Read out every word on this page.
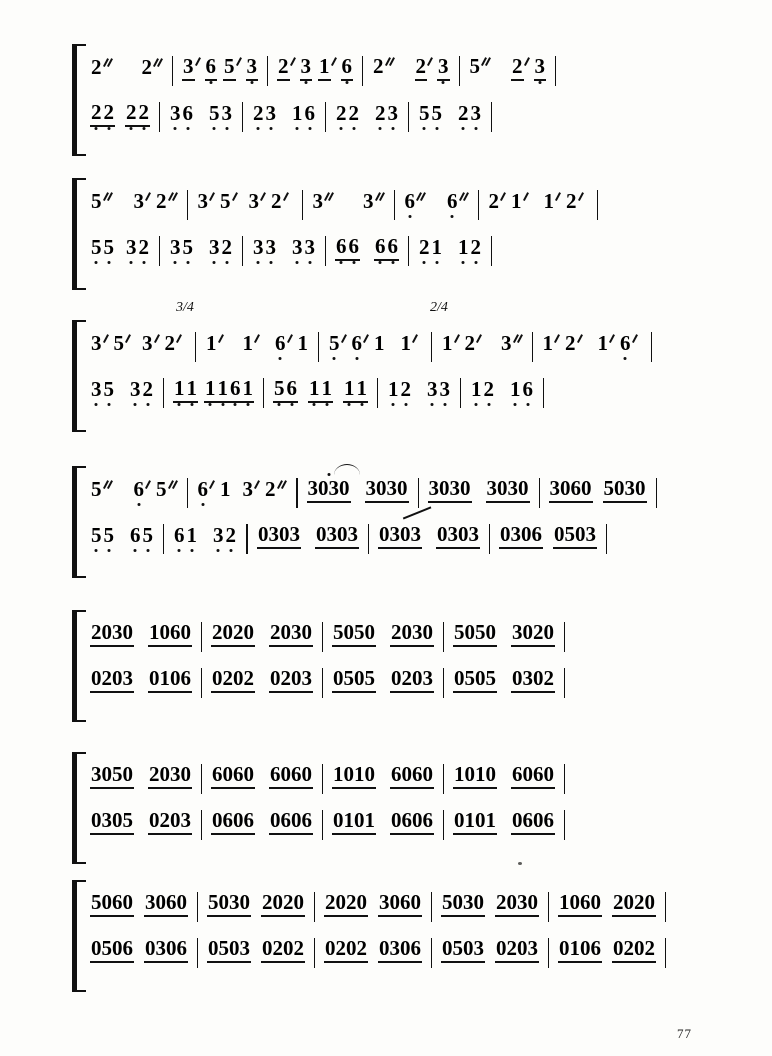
2 2 3 6 5 3 2 3 1 6 2 2 3 5 2 3
2 2 2 2 3 6 5 3 2 3 1 6 2 2 2 3 5 5 2 3
5 3 2 3 5 3 2 3 3 6 6 2 1 1 2
5 5 3 2 3 5 3 2 3 3 3 3 6 6 6 6 2 1 1 2
3/4	2/4
3 5 3 2 1 1 6 1 5 6 1 1 1 2 3 1 2 1 6
3 5 3 2 1 1 1 1 6 1 5 6 1 1 1 1 1 2 3 3 1 2 1 6
5 6 5 6 1 3 2 3030 3030 3030 3030 3060 5030
5 5 6 5 6 1 3 2 0303 0303 0303 0303 0306 0503
2030 1060 2020 2030 5050 2030 5050 3020
0203 0106 0202 0203 0505 0203 0505 0302
3050 2030 6060 6060 1010 6060 1010 6060
0305 0203 0606 0606 0101 0606 0101 0606
5060 3060 5030 2020 2020 3060 5030 2030 1060 2020
0506 0306 0503 0202 0202 0306 0503 0203 0106 0202
77
